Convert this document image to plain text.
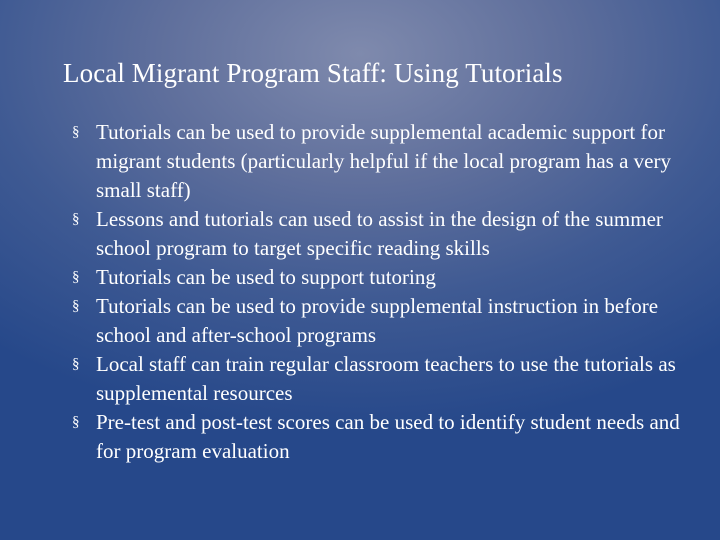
Local Migrant Program Staff: Using Tutorials
§ Tutorials can be used to provide supplemental academic support for migrant students (particularly helpful if the local program has a very small staff)
§ Lessons and tutorials can used to assist in the design of the summer school program to target specific reading skills
§ Tutorials can be used to support tutoring
§ Tutorials can be used to provide supplemental instruction in before school and after-school programs
§ Local staff can train regular classroom teachers to use the tutorials as supplemental resources
§ Pre-test and post-test scores can be used to identify student needs and for program evaluation
